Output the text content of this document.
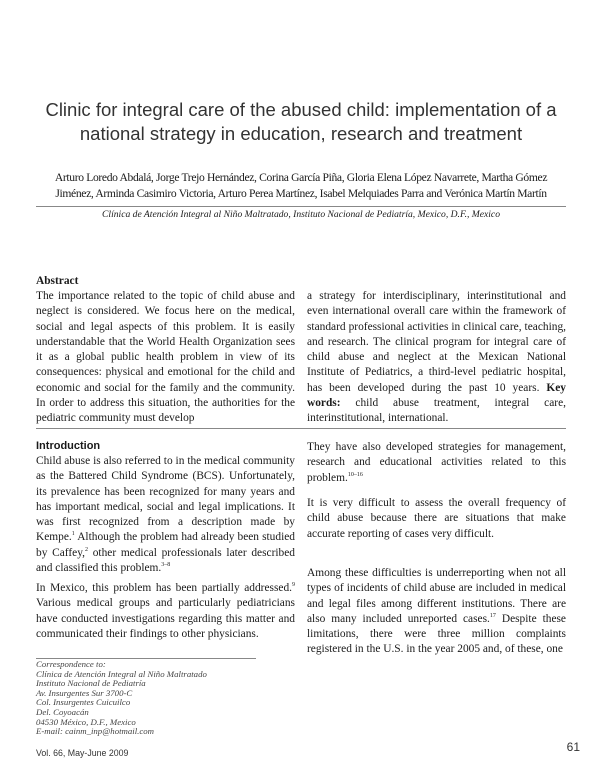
Clinic for integral care of the abused child: implementation of a national strategy in education, research and treatment
Arturo Loredo Abdalá, Jorge Trejo Hernández, Corina García Piña, Gloria Elena López Navarrete, Martha Gómez Jiménez, Arminda Casimiro Victoria, Arturo Perea Martínez, Isabel Melquiades Parra and Verónica Martín Martín
Clínica de Atención Integral al Niño Maltratado, Instituto Nacional de Pediatría, Mexico, D.F., Mexico
Abstract

The importance related to the topic of child abuse and neglect is considered. We focus here on the medical, social and legal aspects of this problem. It is easily understandable that the World Health Organization sees it as a global public health problem in view of its consequences: physical and emotional for the child and economic and social for the family and the community. In order to address this situation, the authorities for the pediatric community must develop

a strategy for interdisciplinary, interinstitutional and even international overall care within the framework of standard professional activities in clinical care, teaching, and research. The clinical program for integral care of child abuse and neglect at the Mexican National Institute of Pediatrics, a third-level pediatric hospital, has been developed during the past 10 years. Key words: child abuse treatment, integral care, interinstitutional, international.
Introduction

Child abuse is also referred to in the medical community as the Battered Child Syndrome (BCS). Unfortunately, its prevalence has been recognized for many years and has important medical, social and legal implications. It was first recognized from a description made by Kempe.$^1$ Although the problem had already been studied by Caffey,$^2$ other medical professionals later described and classified this problem.$^{3-8}$

In Mexico, this problem has been partially addressed.$^9$ Various medical groups and particularly pediatricians have conducted investigations regarding this matter and communicated their findings to other physicians.

They have also developed strategies for management, research and educational activities related to this problem.$^{10-16}$

It is very difficult to assess the overall frequency of child abuse because there are situations that make accurate reporting of cases very difficult.

Among these difficulties is underreporting when not all types of incidents of child abuse are included in medical and legal files among different institutions. There are also many included unreported cases.$^{17}$ Despite these limitations, there were three million complaints registered in the U.S. in the year 2005 and, of these, one

Correspondence to:
Clínica de Atención Integral al Niño Maltratado
Instituto Nacional de Pediatría
Av. Insurgentes Sur 3700-C
Col. Insurgentes Cuicuilco
Del. Coyoacán
04530 México, D.F., Mexico
E-mail: cainm_inp@hotmail.com
Vol. 66, May-June 2009	61
